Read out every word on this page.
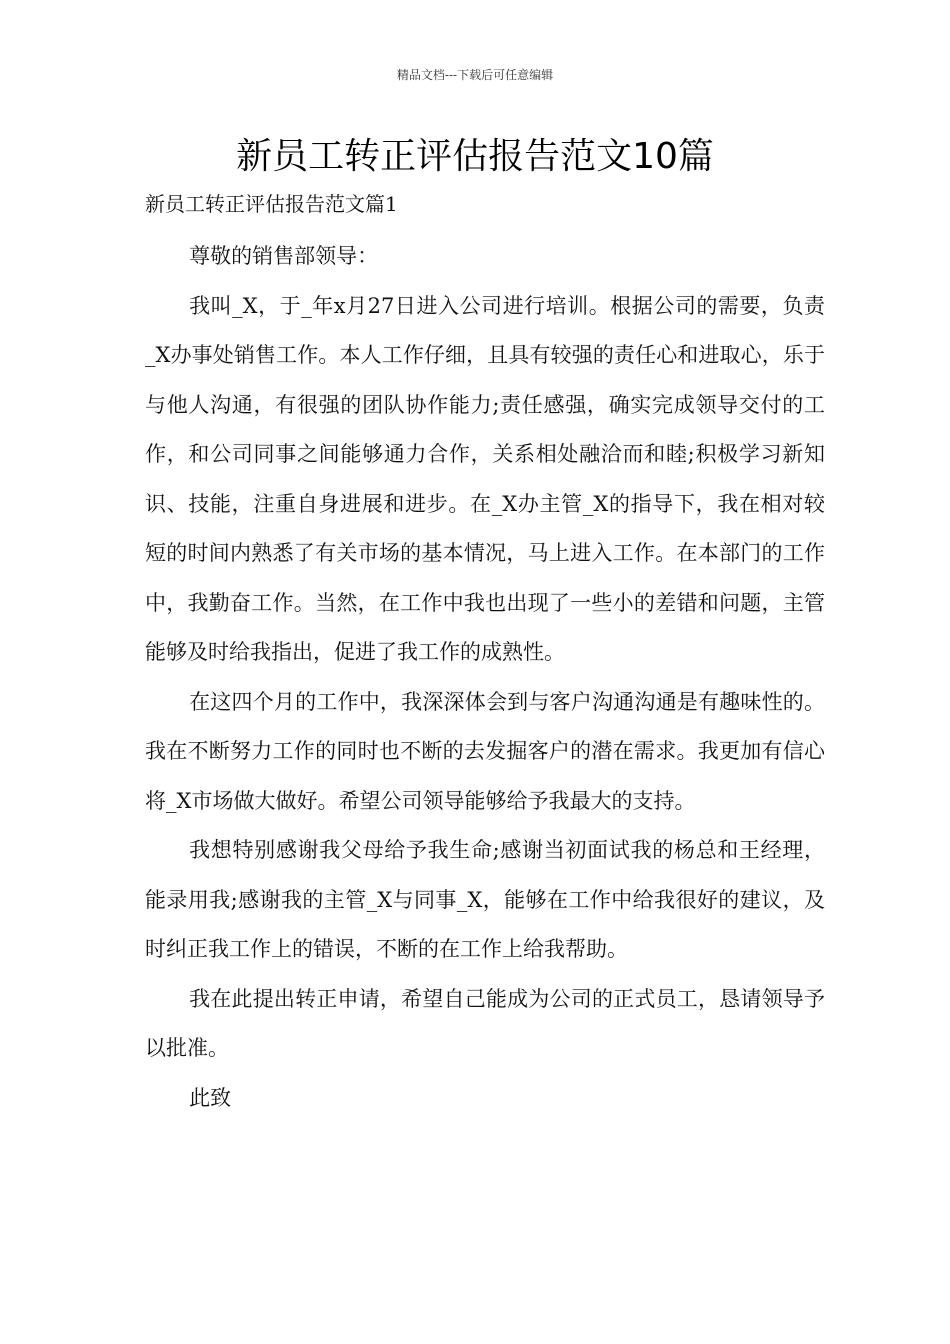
精品文档---下载后可任意编辑
新员工转正评估报告范文10篇
新员工转正评估报告范文篇1

尊敬的销售部领导：

我叫_X，于_年x月27日进入公司进行培训。根据公司的需要，负责_X办事处销售工作。本人工作仔细，且具有较强的责任心和进取心，乐于与他人沟通，有很强的团队协作能力;责任感强，确实完成领导交付的工作，和公司同事之间能够通力合作，关系相处融洽而和睦;积极学习新知识、技能，注重自身进展和进步。在_X办主管_X的指导下，我在相对较短的时间内熟悉了有关市场的基本情况，马上进入工作。在本部门的工作中，我勤奋工作。当然，在工作中我也出现了一些小的差错和问题，主管能够及时给我指出，促进了我工作的成熟性。

在这四个月的工作中，我深深体会到与客户沟通沟通是有趣味性的。我在不断努力工作的同时也不断的去发掘客户的潜在需求。我更加有信心将_X市场做大做好。希望公司领导能够给予我最大的支持。

我想特别感谢我父母给予我生命;感谢当初面试我的杨总和王经理，能录用我;感谢我的主管_X与同事_X，能够在工作中给我很好的建议，及时纠正我工作上的错误，不断的在工作上给我帮助。

我在此提出转正申请，希望自己能成为公司的正式员工，恳请领导予以批准。

此致
